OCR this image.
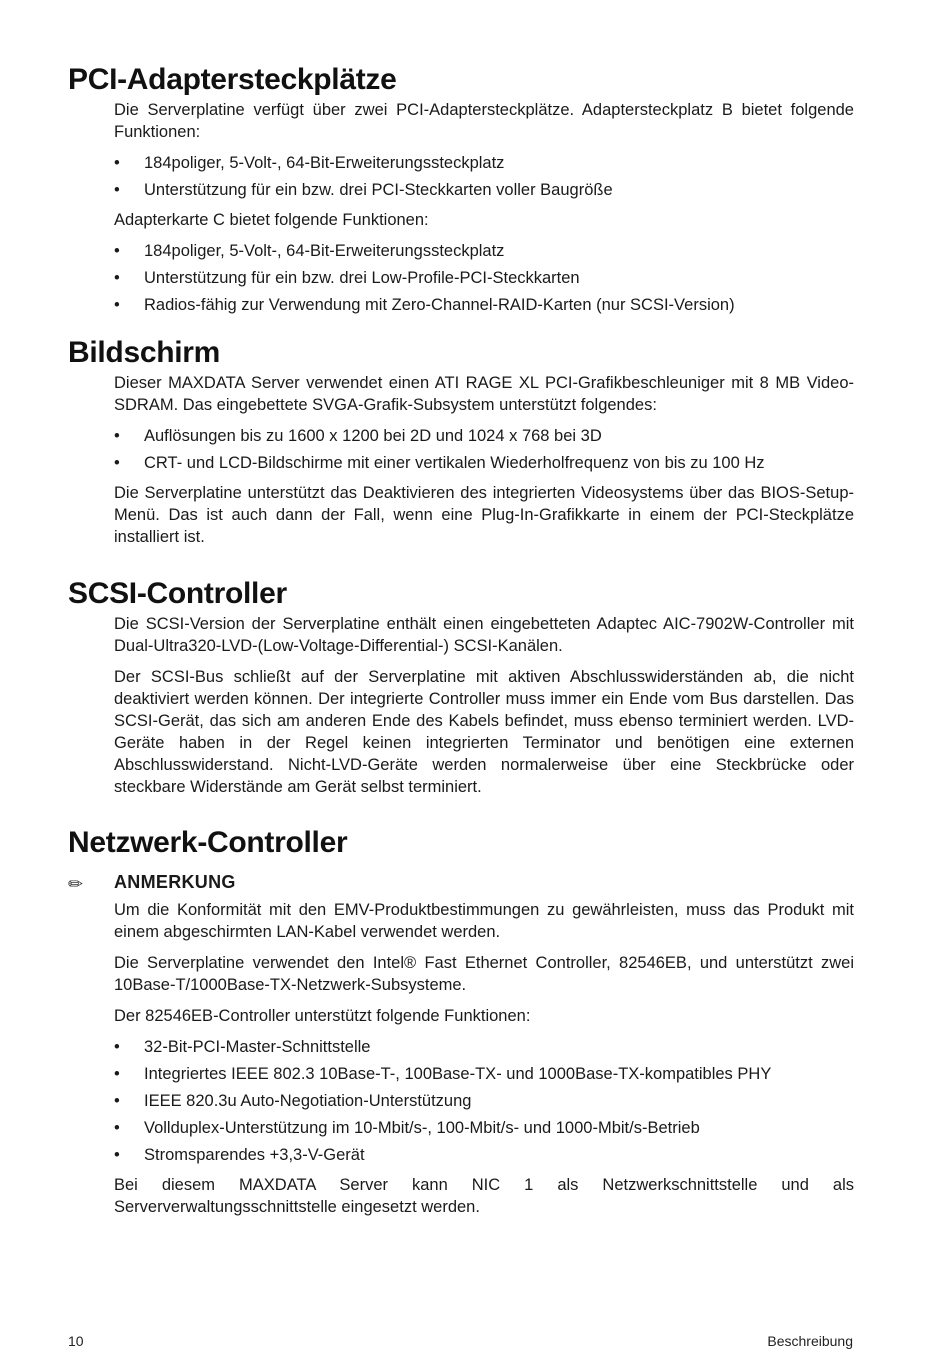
PCI-Adaptersteckplätze

Die Serverplatine verfügt über zwei PCI-Adaptersteckplätze. Adaptersteckplatz B bietet folgende Funktionen:

•	184poliger, 5-Volt-, 64-Bit-Erweiterungssteckplatz
•	Unterstützung für ein bzw. drei PCI-Steckkarten voller Baugröße

Adapterkarte C bietet folgende Funktionen:

•	184poliger, 5-Volt-, 64-Bit-Erweiterungssteckplatz
•	Unterstützung für ein bzw. drei Low-Profile-PCI-Steckkarten
•	Radios-fähig zur Verwendung mit Zero-Channel-RAID-Karten (nur SCSI-Version)
Bildschirm

Dieser MAXDATA Server verwendet einen ATI RAGE XL PCI-Grafikbeschleuniger mit 8 MB Video-SDRAM. Das eingebettete SVGA-Grafik-Subsystem unterstützt folgendes:

•	Auflösungen bis zu 1600 x 1200 bei 2D und 1024 x 768 bei 3D
•	CRT- und LCD-Bildschirme mit einer vertikalen Wiederholfrequenz von bis zu 100 Hz

Die Serverplatine unterstützt das Deaktivieren des integrierten Videosystems über das BIOS-Setup-Menü. Das ist auch dann der Fall, wenn eine Plug-In-Grafikkarte in einem der PCI-Steckplätze installiert ist.

SCSI-Controller

Die SCSI-Version der Serverplatine enthält einen eingebetteten Adaptec AIC-7902W-Controller mit Dual-Ultra320-LVD-(Low-Voltage-Differential-) SCSI-Kanälen.

Der SCSI-Bus schließt auf der Serverplatine mit aktiven Abschlusswiderständen ab, die nicht deaktiviert werden können. Der integrierte Controller muss immer ein Ende vom Bus darstellen. Das SCSI-Gerät, das sich am anderen Ende des Kabels befindet, muss ebenso terminiert werden. LVD-Geräte haben in der Regel keinen integrierten Terminator und benötigen eine externen Abschlusswiderstand. Nicht-LVD-Geräte werden normalerweise über eine Steckbrücke oder steckbare Widerstände am Gerät selbst terminiert.

Netzwerk-Controller
✏ ANMERKUNG

Um die Konformität mit den EMV-Produktbestimmungen zu gewährleisten, muss das Produkt mit einem abgeschirmten LAN-Kabel verwendet werden.

Die Serverplatine verwendet den Intel® Fast Ethernet Controller, 82546EB, und unterstützt zwei 10Base-T/1000Base-TX-Netzwerk-Subsysteme.

Der 82546EB-Controller unterstützt folgende Funktionen:

•	32-Bit-PCI-Master-Schnittstelle
•	Integriertes IEEE 802.3 10Base-T-, 100Base-TX- und 1000Base-TX-kompatibles PHY
•	IEEE 820.3u Auto-Negotiation-Unterstützung
•	Vollduplex-Unterstützung im 10-Mbit/s-, 100-Mbit/s- und 1000-Mbit/s-Betrieb
•	Stromsparendes +3,3-V-Gerät

Bei diesem MAXDATA Server kann NIC 1 als Netzwerkschnittstelle und als Serververwaltungsschnittstelle eingesetzt werden.

10	Beschreibung
